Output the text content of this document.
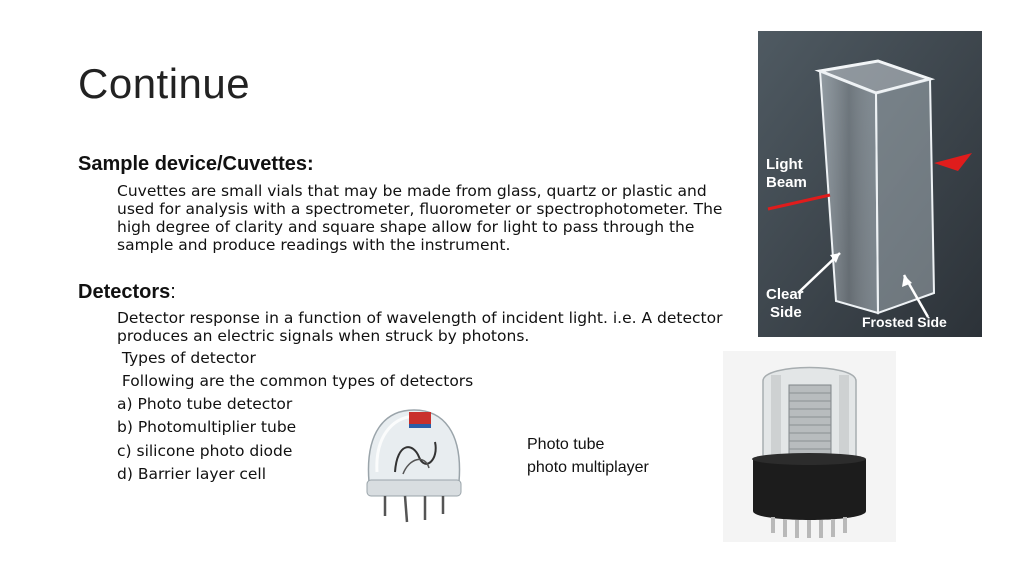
Continue
Sample device/Cuvettes:
Cuvettes are small vials that may be made from glass, quartz or plastic and used for analysis with a spectrometer, fluorometer or spectrophotometer. The high degree of clarity and square shape allow for light to pass through the sample and produce readings with the instrument.
Detectors:
Detector response in a function of wavelength of incident light. i.e. A detector produces an electric signals when struck by photons.
Types of detector
Following are the common types of detectors
a) Photo tube detector
b) Photomultiplier tube
c) silicone photo diode
d) Barrier layer cell
Photo tube
photo multiplayer
Light
Beam
Clear
Side
Frosted Side
